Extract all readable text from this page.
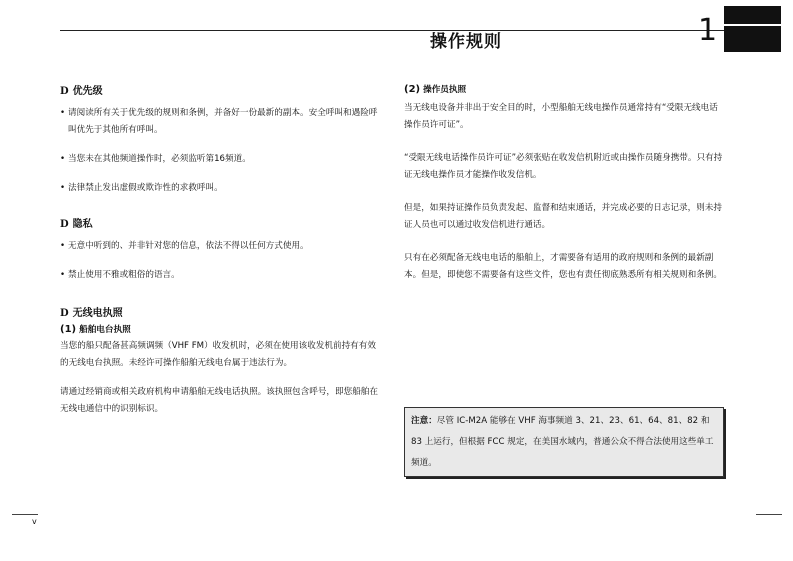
操作规则	1
D 优先级
• 请阅读所有关于优先级的规则和条例，并备好一份最新的副本。安全呼叫和遇险呼叫优先于其他所有呼叫。
• 当您未在其他频道操作时，必须监听第16频道。
• 法律禁止发出虚假或欺诈性的求救呼叫。
D 隐私
• 无意中听到的、并非针对您的信息，依法不得以任何方式使用。
• 禁止使用不雅或粗俗的语言。
D 无线电执照
(1) 船舶电台执照

当您的船只配备甚高频调频（VHF FM）收发机时，必须在使用该收发机前持有有效的无线电台执照。未经许可操作船舶无线电台属于违法行为。

请通过经销商或相关政府机构申请船舶无线电话执照。该执照包含呼号，即您船舶在无线电通信中的识别标识。

(2) 操作员执照

当无线电设备并非出于安全目的时，小型船舶无线电操作员通常持有“受限无线电话操作员许可证”。

“受限无线电话操作员许可证”必须张贴在收发信机附近或由操作员随身携带。只有持证无线电操作员才能操作收发信机。

但是，如果持证操作员负责发起、监督和结束通话，并完成必要的日志记录，则未持证人员也可以通过收发信机进行通话。

只有在必须配备无线电电话的船舶上，才需要备有适用的政府规则和条例的最新副本。但是，即使您不需要备有这些文件，您也有责任彻底熟悉所有相关规则和条例。

注意：尽管 IC-M2A 能够在 VHF 海事频道 3、21、23、61、64、81、82 和 83 上运行，但根据 FCC 规定，在美国水域内，普通公众不得合法使用这些单工频道。
v
